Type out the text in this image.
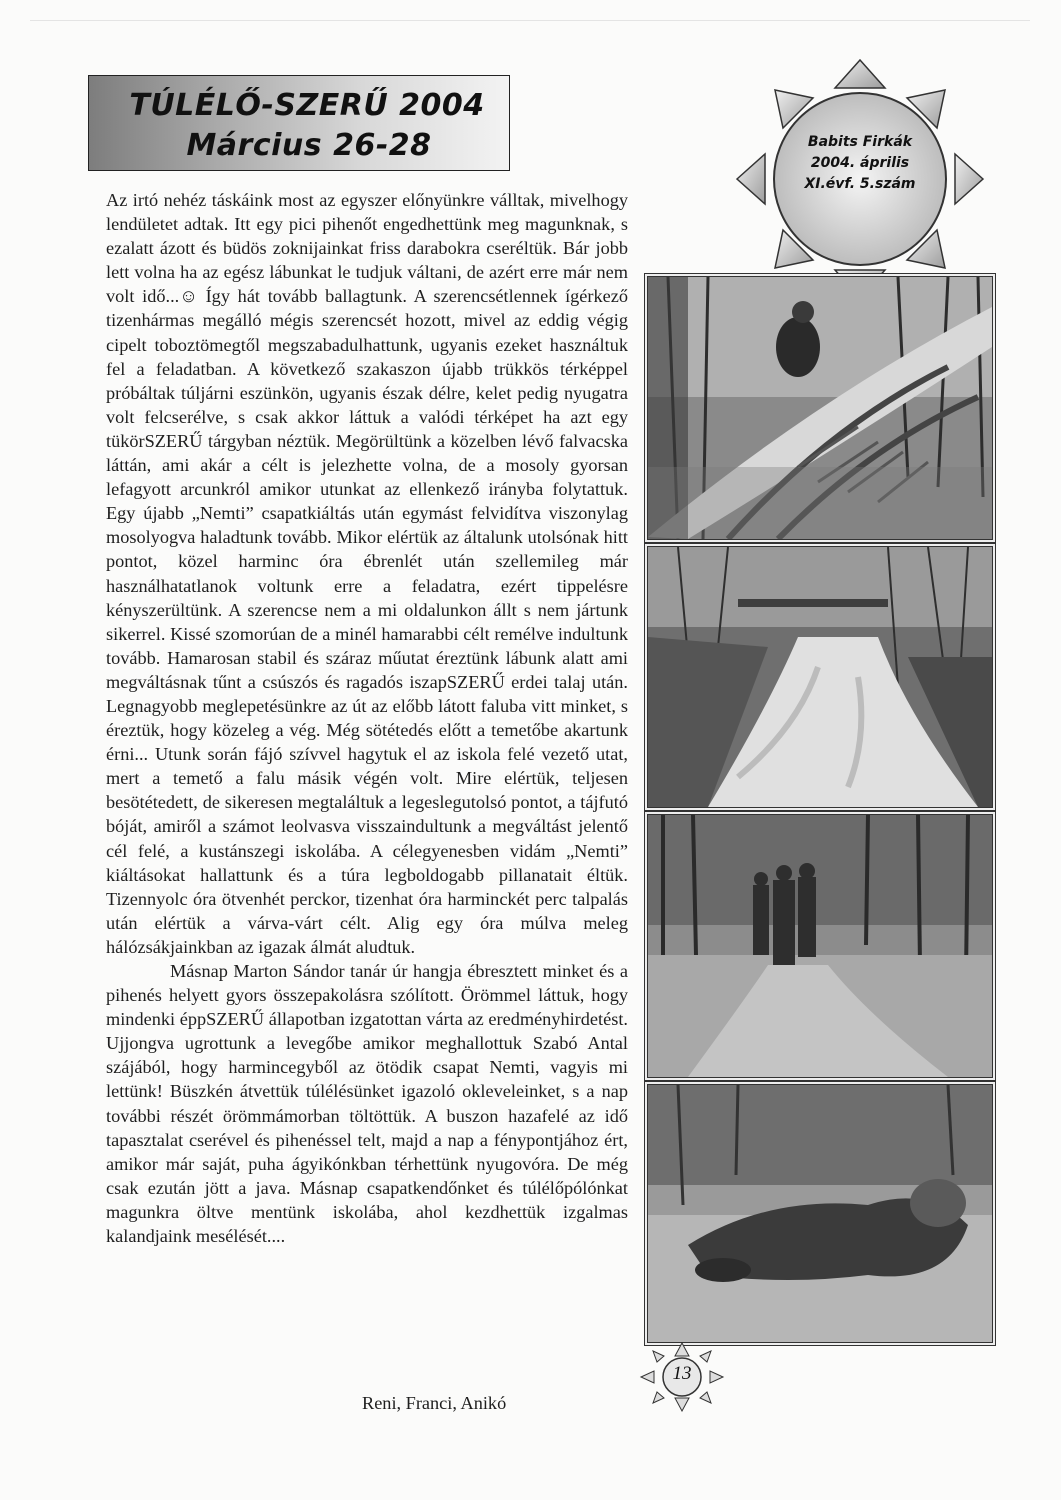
TÚLÉLŐ-SZERŰ 2004
Március 26-28

Az irtó nehéz táskáink most az egyszer előnyünkre válltak, mivelhogy lendületet adtak. Itt egy pici pihenőt engedhettünk meg magunknak, s ezalatt ázott és büdös zoknijainkat friss darabokra cseréltük. Bár jobb lett volna ha az egész lábunkat le tudjuk váltani, de azért erre már nem volt idő...☺ Így hát tovább ballagtunk. A szerencsétlennek ígérkező tizenhármas megálló mégis szerencsét hozott, mivel az eddig végig cipelt toboztömegtől megszabadulhattunk, ugyanis ezeket használtuk fel a feladatban. A következő szakaszon újabb trükkös térképpel próbáltak túljárni eszünkön, ugyanis észak délre, kelet pedig nyugatra volt felcserélve, s csak akkor láttuk a valódi térképet ha azt egy tükörSZERŰ tárgyban néztük. Megörültünk a közelben lévő falvacska láttán, ami akár a célt is jelezhette volna, de a mosoly gyorsan lefagyott arcunkról amikor utunkat az ellenkező irányba folytattuk. Egy újabb „Nemti” csapatkiáltás után egymást felvidítva viszonylag mosolyogva haladtunk tovább. Mikor elértük az általunk utolsónak hitt pontot, közel harminc óra ébrenlét után szellemileg már használhatatlanok voltunk erre a feladatra, ezért tippelésre kényszerültünk. A szerencse nem a mi oldalunkon állt s nem jártunk sikerrel. Kissé szomorúan de a minél hamarabbi célt remélve indultunk tovább. Hamarosan stabil és száraz műutat éreztünk lábunk alatt ami megváltásnak tűnt a csúszós és ragadós iszapSZERŰ erdei talaj után. Legnagyobb meglepetésünkre az út az előbb látott faluba vitt minket, s éreztük, hogy közeleg a vég. Még sötétedés előtt a temetőbe akartunk érni... Utunk során fájó szívvel hagytuk el az iskola felé vezető utat, mert a temető a falu másik végén volt. Mire elértük, teljesen besötétedett, de sikeresen megtaláltuk a legeslegutolsó pontot, a tájfutó bóját, amiről a számot leolvasva visszaindultunk a megváltást jelentő cél felé, a kustánszegi iskolába. A célegyenesben vidám „Nemti” kiáltásokat hallattunk és a túra legboldogabb pillanatait éltük. Tizennyolc óra ötvenhét perckor, tizenhat óra harminckét perc talpalás után elértük a várva-várt célt. Alig egy óra múlva meleg hálózsákjainkban az igazak álmát aludtuk.

Másnap Marton Sándor tanár úr hangja ébresztett minket és a pihenés helyett gyors összepakolásra szólított. Örömmel láttuk, hogy mindenki éppSZERŰ állapotban izgatottan várta az eredményhirdetést. Ujjongva ugrottunk a levegőbe amikor meghallottuk Szabó Antal szájából, hogy harmincegyből az ötödik csapat Nemti, vagyis mi lettünk! Büszkén átvettük túlélésünket igazoló okleveleinket, s a nap további részét örömmámorban töltöttük. A buszon hazafelé az idő tapasztalat cserével és pihenéssel telt, majd a nap a fénypontjához ért, amikor már saját, puha ágyikónkban térhettünk nyugovóra. De még csak ezután jött a java. Másnap csapatkendőnket és túlélőpólónkat magunkra öltve mentünk iskolába, ahol kezdhettük izgalmas kalandjaink mesélését....

Reni, Franci, Anikó
Babits Firkák
2004. április
XI.évf. 5.szám
13
